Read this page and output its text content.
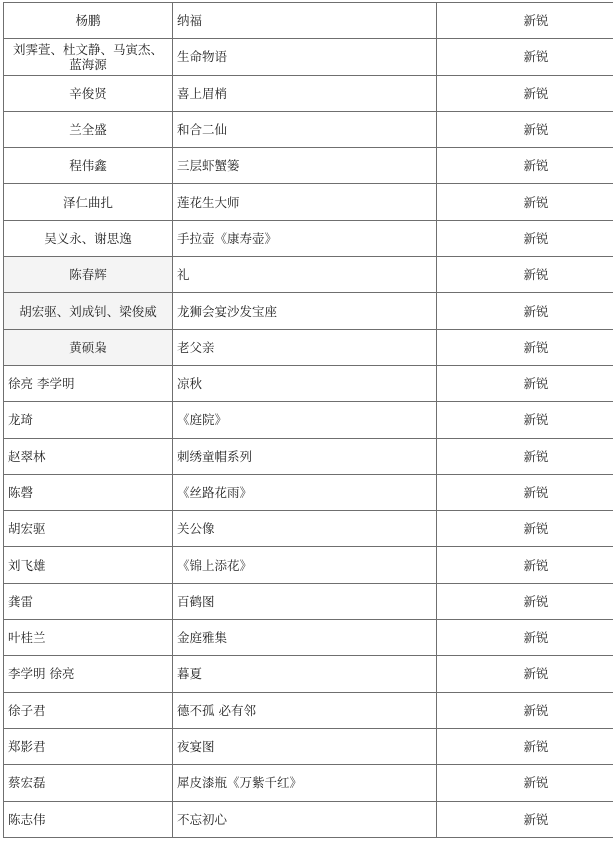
杨鹏	纳福	新锐
刘霁萱、杜文静、马寅杰、蓝海源	生命物语	新锐
辛俊贤	喜上眉梢	新锐
兰全盛	和合二仙	新锐
程伟鑫	三层虾蟹篓	新锐
泽仁曲扎	莲花生大师	新锐
吴义永、谢思逸	手拉壶《康寿壶》	新锐
陈春辉	礼	新锐
胡宏驱、刘成钊、梁俊威	龙狮会宴沙发宝座	新锐
黄硕枭	老父亲	新锐
徐亮 李学明	凉秋	新锐
龙琦	《庭院》	新锐
赵翠林	刺绣童帽系列	新锐
陈磬	《丝路花雨》	新锐
胡宏驱	关公像	新锐
刘飞雄	《锦上添花》	新锐
龚雷	百鹤图	新锐
叶桂兰	金庭雅集	新锐
李学明 徐亮	暮夏	新锐
徐子君	德不孤 必有邻	新锐
郑影君	夜宴图	新锐
蔡宏磊	犀皮漆瓶《万紫千红》	新锐
陈志伟	不忘初心	新锐
